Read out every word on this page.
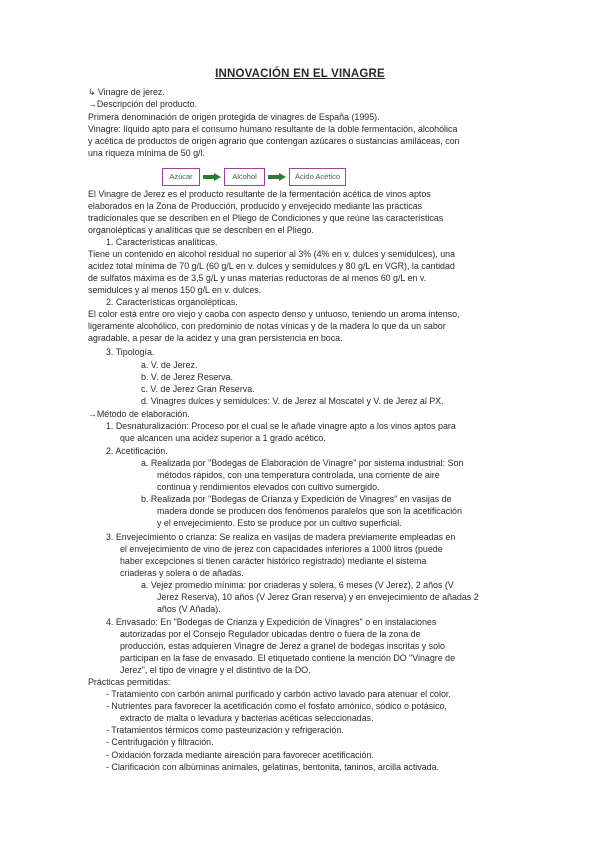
INNOVACIÓN EN EL VINAGRE
Azúcar	Alcohol	Ácido Acético
↳ Vinagre de jerez.
→Descripción del producto.
Primera denominación de origen protegida de vinagres de España (1995).
Vinagre: líquido apto para el consumo humano resultante de la doble fermentación, alcohólica
y acética de productos de origen agrario que contengan azúcares o sustancias amiláceas, con
una riqueza mínima de 50 g/l.
El Vinagre de Jerez es el producto resultante de la fermentación acética de vinos aptos
elaborados en la Zona de Producción, producido y envejecido mediante las prácticas
tradicionales que se describen en el Pliego de Condiciones y que reúne las características
organolépticas y analíticas que se describen en el Pliego.
1. Características analíticas.
Tiene un contenido en alcohol residual no superior al 3% (4% en v. dulces y semidulces), una
acidez total mínima de 70 g/L (60 g/L en v. dulces y semidulces y 80 g/L en VGR), la cantidad
de sulfatos máxima es de 3,5 g/L y unas materias reductoras de al menos 60 g/L en v.
semidulces y al menos 150 g/L en v. dulces.
2. Características organolépticas.
El color está entre oro viejo y caoba con aspecto denso y untuoso, teniendo un aroma intenso,
ligeramente alcohólico, con predominio de notas vínicas y de la madera lo que da un sabor
agradable, a pesar de la acidez y una gran persistencia en boca.
3. Tipología.
a. V. de Jerez.
b. V. de Jerez Reserva.
c. V. de Jerez Gran Reserva.
d. Vinagres dulces y semidulces: V. de Jerez al Moscatel y V. de Jerez al PX.
→Método de elaboración.
1. Desnaturalización: Proceso por el cual se le añade vinagre apto a los vinos aptos para
que alcancen una acidez superior a 1 grado acético.
2. Acetificación.
a. Realizada por "Bodegas de Elaboración de Vinagre" por sistema industrial: Son
métodos rápidos, con una temperatura controlada, una corriente de aire
continua y rendimientos elevados con cultivo sumergido.
b. Realizada por "Bodegas de Crianza y Expedición de Vinagres" en vasijas de
madera donde se producen dos fenómenos paralelos que son la acetificación
y el envejecimiento. Esto se produce por un cultivo superficial.
3. Envejecimiento o crianza: Se realiza en vasijas de madera previamente empleadas en
el envejecimiento de vino de jerez con capacidades inferiores a 1000 litros (puede
haber excepciones si tienen carácter histórico registrado) mediante el sistema
criaderas y solera o de añadas.
a. Vejez promedio mínima: por criaderas y solera, 6 meses (V Jerez), 2 años (V
Jerez Reserva), 10 años (V Jerez Gran reserva) y en envejecimiento de añadas 2
años (V Añada).
4. Envasado: En "Bodegas de Crianza y Expedición de Vinagres" o en instalaciones
autorizadas por el Consejo Regulador ubicadas dentro o fuera de la zona de
producción, estas adquieren Vinagre de Jerez a granel de bodegas inscritas y solo
participan en la fase de envasado. El etiquetado contiene la mención DO "Vinagre de
Jerez", el tipo de vinagre y el distintivo de la DO.
Prácticas permitidas:
- Tratamiento con carbón animal purificado y carbón activo lavado para atenuar el color.
- Nutrientes para favorecer la acetificación como el fosfato amónico, sódico o potásico,
extracto de malta o levadura y bacterias acéticas seleccionadas.
- Tratamientos térmicos como pasteurización y refrigeración.
- Centrifugación y filtración.
- Oxidación forzada mediante aireación para favorecer acetificación.
- Clarificación con albúminas animales, gelatinas, bentonita, taninos, arcilla activada.
